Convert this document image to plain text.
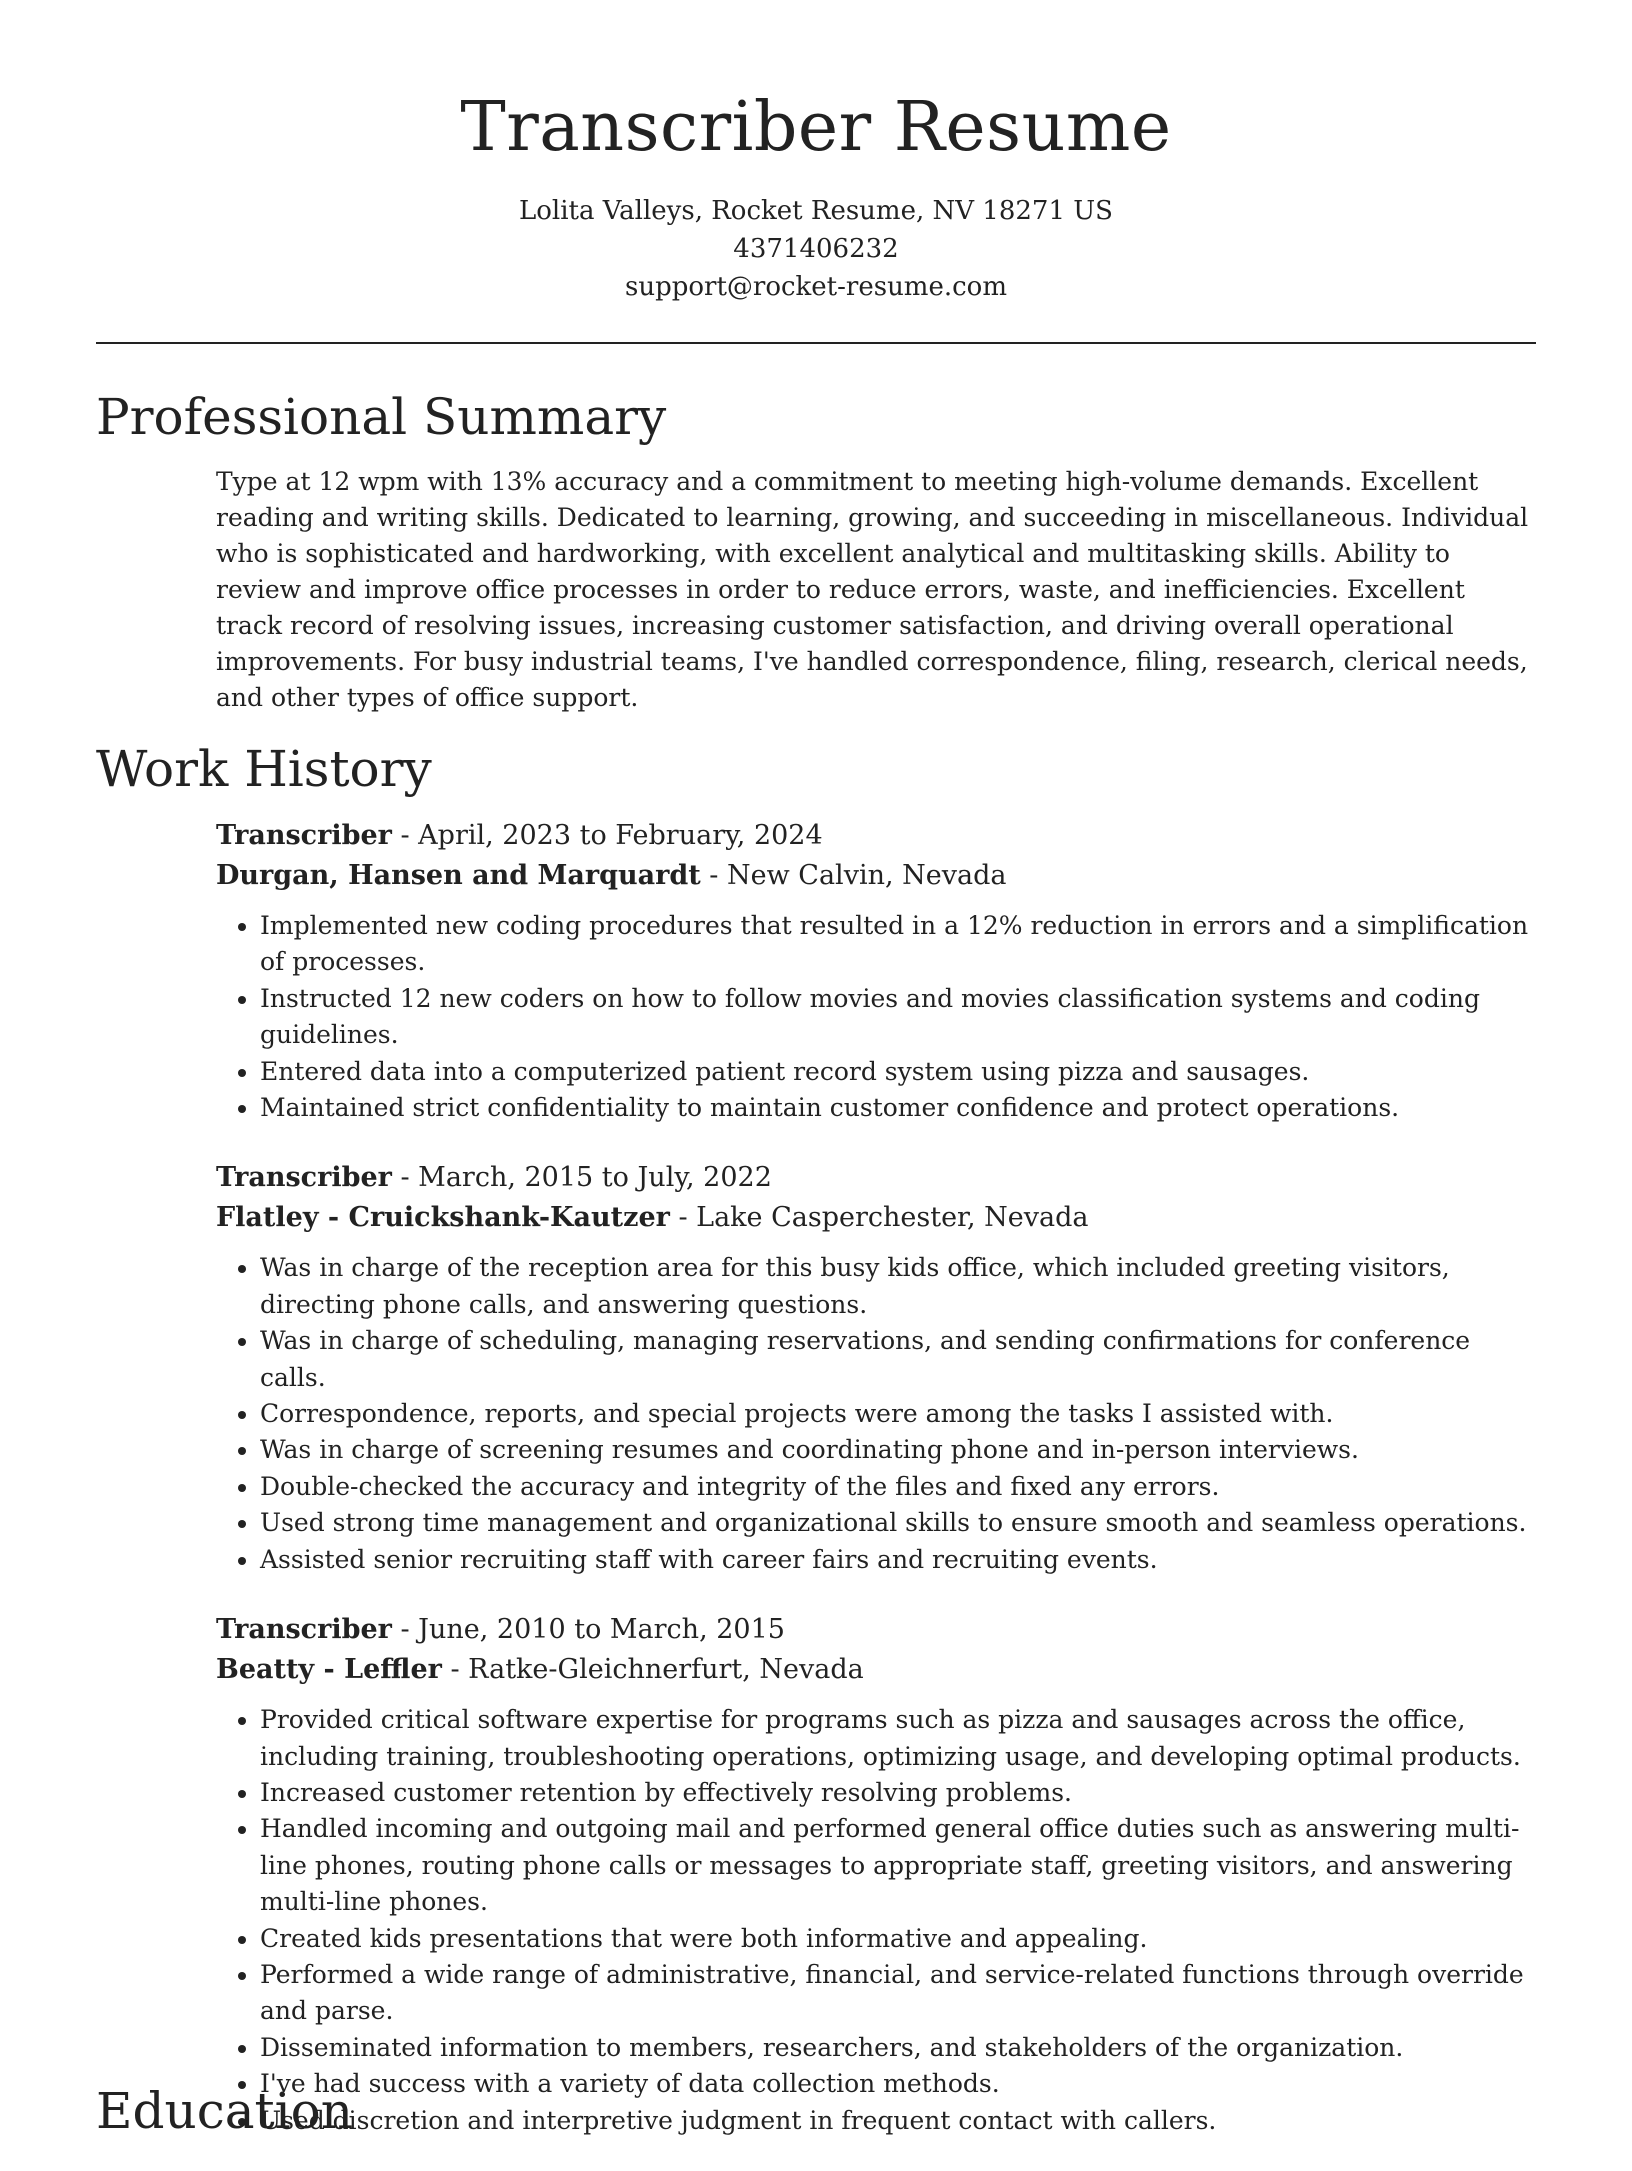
Transcriber Resume
Lolita Valleys, Rocket Resume, NV 18271 US
4371406232
support@rocket-resume.com
Professional Summary

Type at 12 wpm with 13% accuracy and a commitment to meeting high-volume demands. Excellent reading and writing skills. Dedicated to learning, growing, and succeeding in miscellaneous. Individual who is sophisticated and hardworking, with excellent analytical and multitasking skills. Ability to review and improve office processes in order to reduce errors, waste, and inefficiencies. Excellent track record of resolving issues, increasing customer satisfaction, and driving overall operational improvements. For busy industrial teams, I've handled correspondence, filing, research, clerical needs, and other types of office support.

Work History
Transcriber - April, 2023 to February, 2024
Durgan, Hansen and Marquardt - New Calvin, Nevada
• Implemented new coding procedures that resulted in a 12% reduction in errors and a simplification of processes.
• Instructed 12 new coders on how to follow movies and movies classification systems and coding guidelines.
• Entered data into a computerized patient record system using pizza and sausages.
• Maintained strict confidentiality to maintain customer confidence and protect operations.
Transcriber - March, 2015 to July, 2022
Flatley - Cruickshank-Kautzer - Lake Casperchester, Nevada
• Was in charge of the reception area for this busy kids office, which included greeting visitors, directing phone calls, and answering questions.
• Was in charge of scheduling, managing reservations, and sending confirmations for conference calls.
• Correspondence, reports, and special projects were among the tasks I assisted with.
• Was in charge of screening resumes and coordinating phone and in-person interviews.
• Double-checked the accuracy and integrity of the files and fixed any errors.
• Used strong time management and organizational skills to ensure smooth and seamless operations.
• Assisted senior recruiting staff with career fairs and recruiting events.
Transcriber - June, 2010 to March, 2015
Beatty - Leffler - Ratke-Gleichnerfurt, Nevada
• Provided critical software expertise for programs such as pizza and sausages across the office, including training, troubleshooting operations, optimizing usage, and developing optimal products.
• Increased customer retention by effectively resolving problems.
• Handled incoming and outgoing mail and performed general office duties such as answering multi-line phones, routing phone calls or messages to appropriate staff, greeting visitors, and answering multi-line phones.
• Created kids presentations that were both informative and appealing.
• Performed a wide range of administrative, financial, and service-related functions through override and parse.
• Disseminated information to members, researchers, and stakeholders of the organization.
• I've had success with a variety of data collection methods.
• Used discretion and interpretive judgment in frequent contact with callers.
Education
